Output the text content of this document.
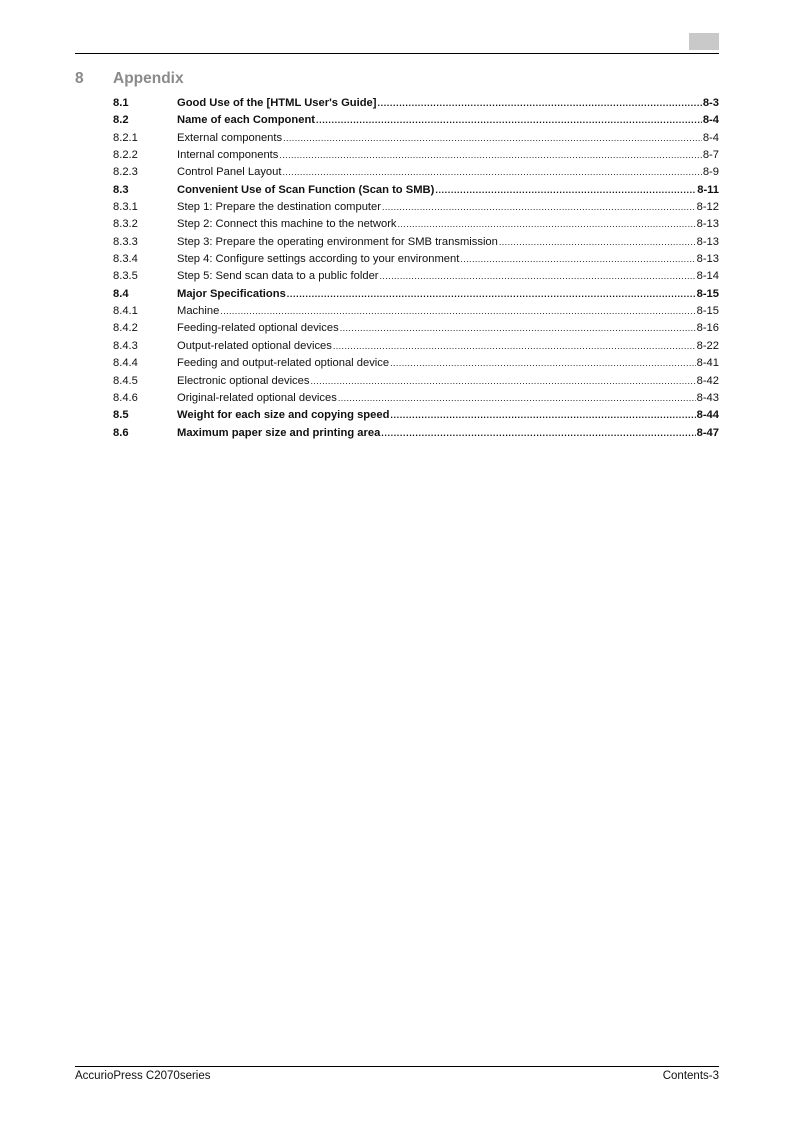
8 Appendix
8.1	Good Use of the [HTML User's Guide] .....	8-3
8.2	Name of each Component .....	8-4
8.2.1	External components .....	8-4
8.2.2	Internal components .....	8-7
8.2.3	Control Panel Layout .....	8-9
8.3	Convenient Use of Scan Function (Scan to SMB) .....	8-11
8.3.1	Step 1: Prepare the destination computer .....	8-12
8.3.2	Step 2: Connect this machine to the network .....	8-13
8.3.3	Step 3: Prepare the operating environment for SMB transmission .....	8-13
8.3.4	Step 4: Configure settings according to your environment .....	8-13
8.3.5	Step 5: Send scan data to a public folder .....	8-14
8.4	Major Specifications .....	8-15
8.4.1	Machine .....	8-15
8.4.2	Feeding-related optional devices .....	8-16
8.4.3	Output-related optional devices .....	8-22
8.4.4	Feeding and output-related optional device .....	8-41
8.4.5	Electronic optional devices .....	8-42
8.4.6	Original-related optional devices .....	8-43
8.5	Weight for each size and copying speed .....	8-44
8.6	Maximum paper size and printing area .....	8-47
AccurioPress C2070series	Contents-3
